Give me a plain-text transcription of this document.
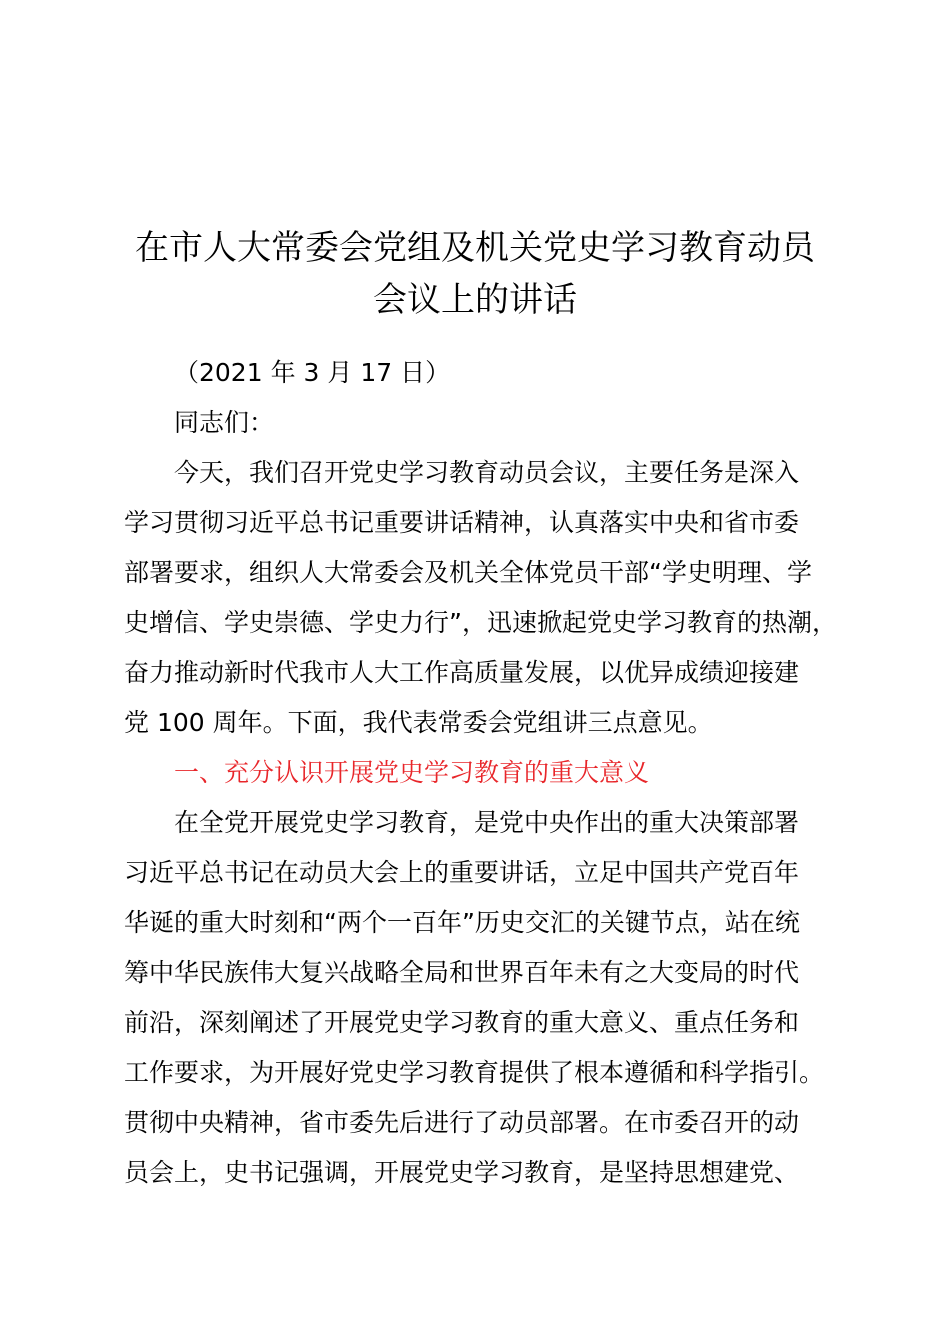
在市人大常委会党组及机关党史学习教育动员
会议上的讲话
（2021 年 3 月 17 日）
同志们：
今天，我们召开党史学习教育动员会议，主要任务是深入
学习贯彻习近平总书记重要讲话精神，认真落实中央和省市委
部署要求，组织人大常委会及机关全体党员干部“学史明理、学
史增信、学史崇德、学史力行”，迅速掀起党史学习教育的热潮，
奋力推动新时代我市人大工作高质量发展，以优异成绩迎接建
党 100 周年。下面，我代表常委会党组讲三点意见。
一、充分认识开展党史学习教育的重大意义
在全党开展党史学习教育，是党中央作出的重大决策部署
习近平总书记在动员大会上的重要讲话，立足中国共产党百年
华诞的重大时刻和“两个一百年”历史交汇的关键节点，站在统
筹中华民族伟大复兴战略全局和世界百年未有之大变局的时代
前沿，深刻阐述了开展党史学习教育的重大意义、重点任务和
工作要求，为开展好党史学习教育提供了根本遵循和科学指引。
贯彻中央精神，省市委先后进行了动员部署。在市委召开的动
员会上，史书记强调，开展党史学习教育，是坚持思想建党、
